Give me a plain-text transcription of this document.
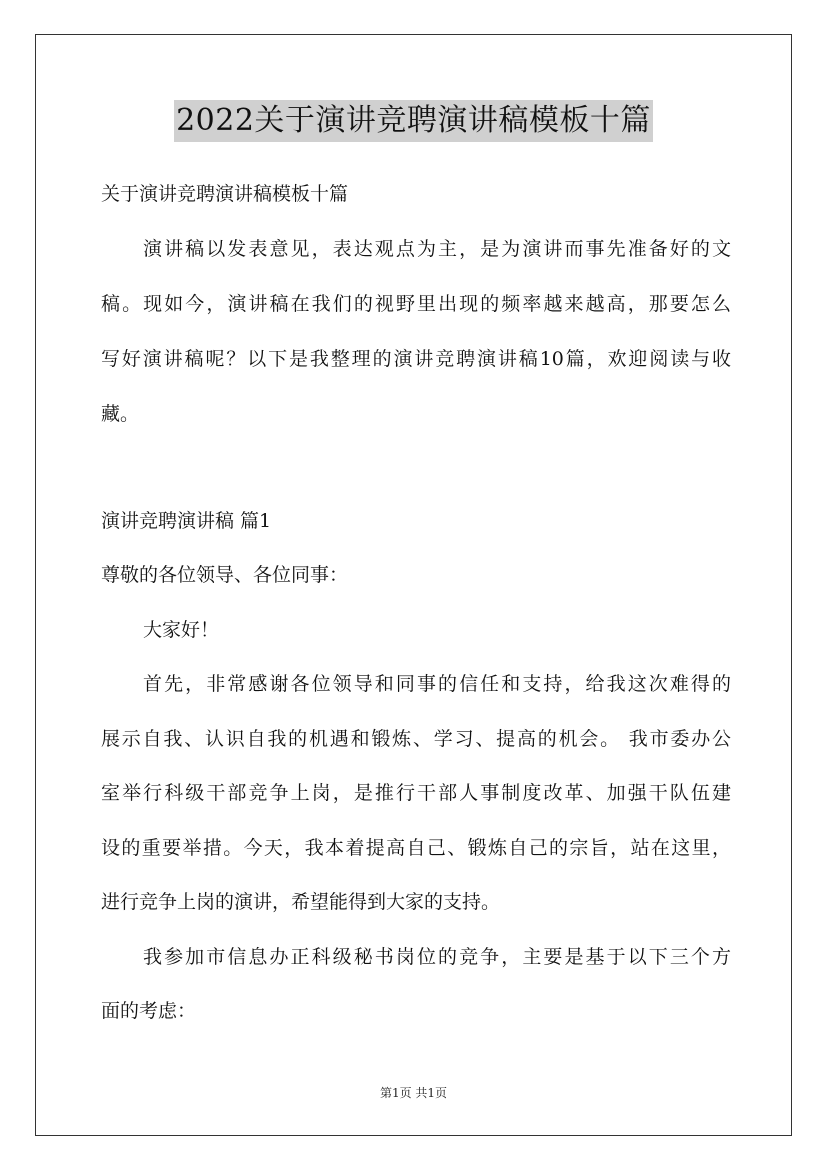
2022关于演讲竞聘演讲稿模板十篇
关于演讲竞聘演讲稿模板十篇
演讲稿以发表意见，表达观点为主，是为演讲而事先准备好的文
稿。现如今，演讲稿在我们的视野里出现的频率越来越高，那要怎么
写好演讲稿呢？以下是我整理的演讲竞聘演讲稿10篇，欢迎阅读与收
藏。
演讲竞聘演讲稿 篇1
尊敬的各位领导、各位同事：
大家好！
首先，非常感谢各位领导和同事的信任和支持，给我这次难得的
展示自我、认识自我的机遇和锻炼、学习、提高的机会。 我市委办公
室举行科级干部竞争上岗，是推行干部人事制度改革、加强干队伍建
设的重要举措。今天，我本着提高自己、锻炼自己的宗旨，站在这里，
进行竞争上岗的演讲，希望能得到大家的支持。
我参加市信息办正科级秘书岗位的竞争，主要是基于以下三个方
面的考虑：
第1页 共1页
